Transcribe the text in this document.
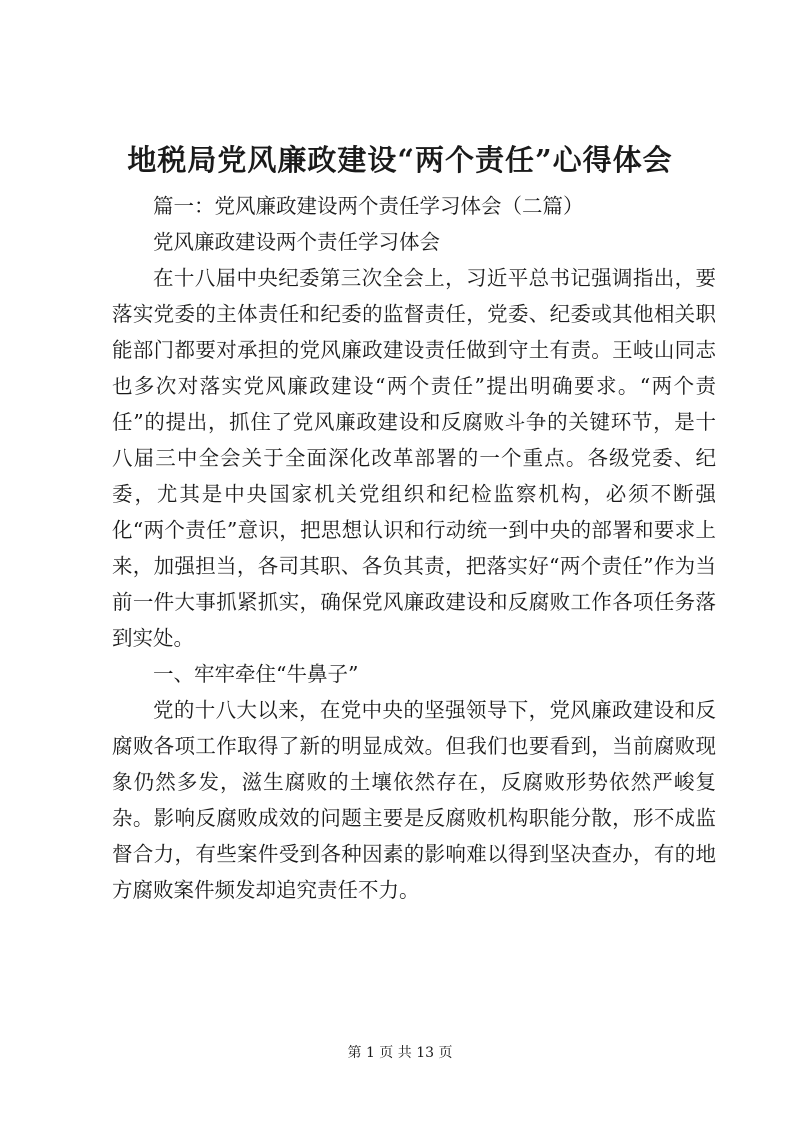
地税局党风廉政建设“两个责任”心得体会

篇一：党风廉政建设两个责任学习体会（二篇）

党风廉政建设两个责任学习体会

在十八届中央纪委第三次全会上，习近平总书记强调指出，要落实党委的主体责任和纪委的监督责任，党委、纪委或其他相关职能部门都要对承担的党风廉政建设责任做到守土有责。王岐山同志也多次对落实党风廉政建设“两个责任”提出明确要求。“两个责任”的提出，抓住了党风廉政建设和反腐败斗争的关键环节，是十八届三中全会关于全面深化改革部署的一个重点。各级党委、纪委，尤其是中央国家机关党组织和纪检监察机构，必须不断强化“两个责任”意识，把思想认识和行动统一到中央的部署和要求上来，加强担当，各司其职、各负其责，把落实好“两个责任”作为当前一件大事抓紧抓实，确保党风廉政建设和反腐败工作各项任务落到实处。

一、牢牢牵住“牛鼻子”

党的十八大以来，在党中央的坚强领导下，党风廉政建设和反腐败各项工作取得了新的明显成效。但我们也要看到，当前腐败现象仍然多发，滋生腐败的土壤依然存在，反腐败形势依然严峻复杂。影响反腐败成效的问题主要是反腐败机构职能分散，形不成监督合力，有些案件受到各种因素的影响难以得到坚决查办，有的地方腐败案件频发却追究责任不力。

第 1 页 共 13 页
